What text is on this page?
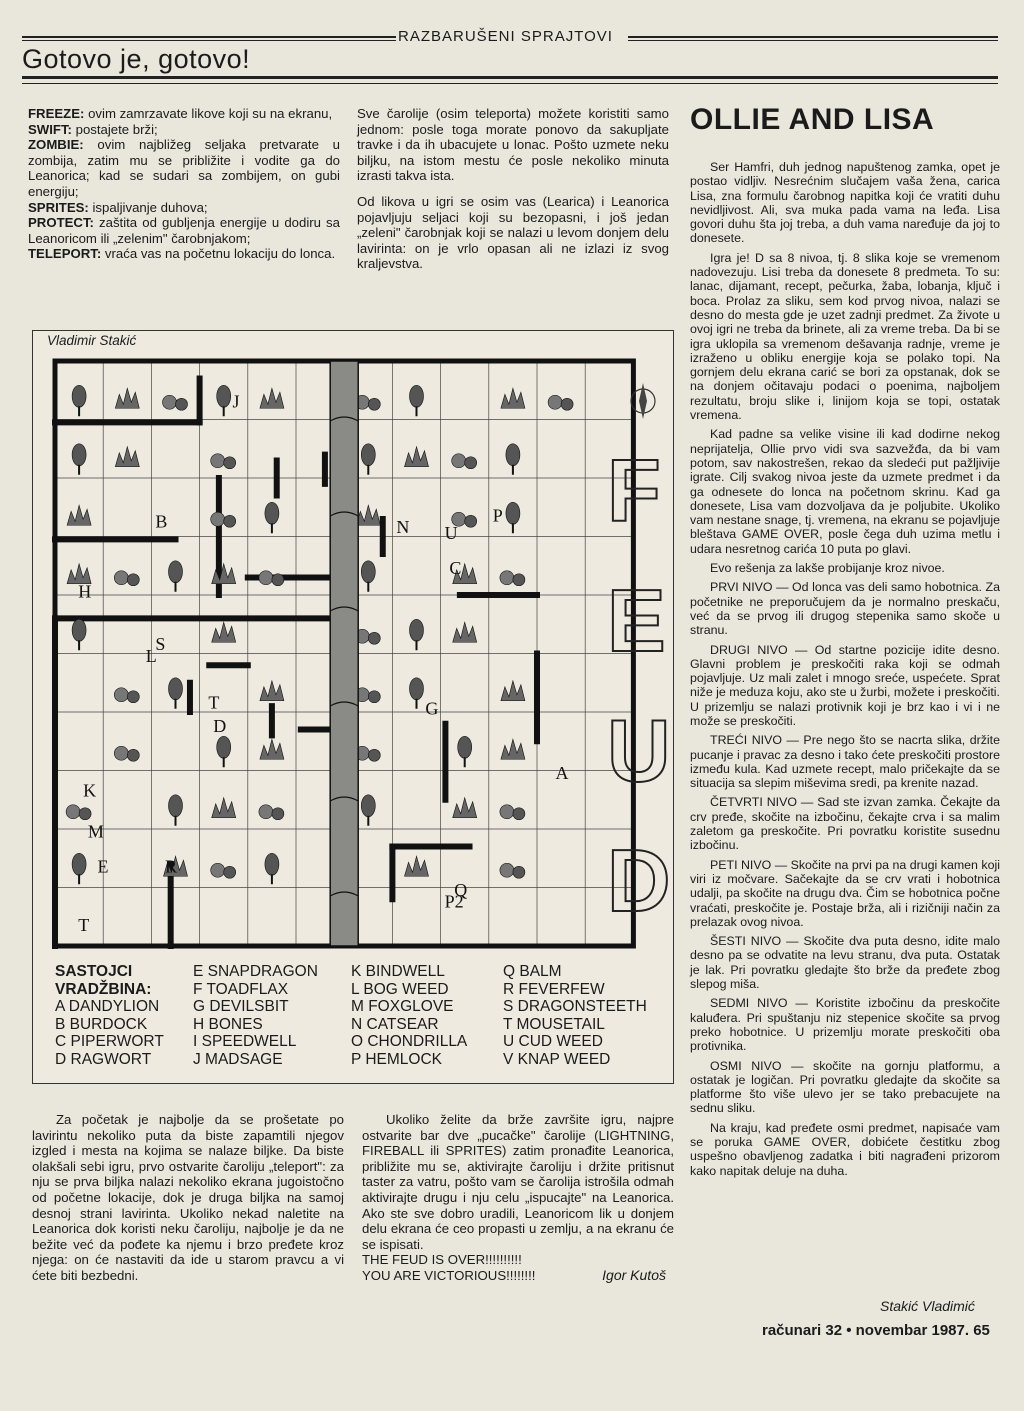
RAZBARUŠENI SPRAJTOVI
Gotovo je, gotovo!
FREEZE: ovim zamrzavate likove koji su na ekranu,
SWIFT: postajete brži;
ZOMBIE: ovim najbližeg seljaka pretvarate u zombija, zatim mu se približite i vodite ga do Leanorica; kad se sudari sa zombijem, on gubi energiju;
SPRITES: ispaljivanje duhova;
PROTECT: zaštita od gubljenja energije u dodiru sa Leanoricom ili „zelenim" čarobnjakom;
TELEPORT: vraća vas na početnu lokaciju do lonca.

Sve čarolije (osim teleporta) možete koristiti samo jednom: posle toga morate ponovo da sakupljate travke i da ih ubacujete u lonac. Pošto uzmete neku biljku, na istom mestu će posle nekoliko minuta izrasti takva ista.

Od likova u igri se osim vas (Learica) i Leanorica pojavljuju seljaci koji su bezopasni, i još jedan „zeleni" čarobnjak koji se nalazi u levom donjem delu lavirinta: on je vrlo opasan ali ne izlazi iz svog kraljevstva.

OLLIE AND LISA

Ser Hamfri, duh jednog napuštenog zamka, opet je postao vidljiv. Nesrećnim slučajem vaša žena, carica Lisa, zna formulu čarobnog napitka koji će vratiti duhu nevidljivost. Ali, sva muka pada vama na leđa. Lisa govori duhu šta joj treba, a duh vama naređuje da joj to donesete.

Igra je! D sa 8 nivoa, tj. 8 slika koje se vremenom nadovezuju. Lisi treba da donesete 8 predmeta. To su: lanac, dijamant, recept, pečurka, žaba, lobanja, ključ i boca. Prolaz za sliku, sem kod prvog nivoa, nalazi se desno do mesta gde je uzet zadnji predmet. Za živote u ovoj igri ne treba da brinete, ali za vreme treba. Da bi se igra uklopila sa vremenom dešavanja radnje, vreme je izraženo u obliku energije koja se polako topi. Na gornjem delu ekrana carić se bori za opstanak, dok se na donjem očitavaju podaci o poenima, najboljem rezultatu, broju slike i, linijom koja se topi, ostatak vremena.

Kad padne sa velike visine ili kad dodirne nekog neprijatelja, Ollie prvo vidi sva sazvežđa, da bi vam potom, sav nakostrešen, rekao da sledeći put pažljivije igrate. Cilj svakog nivoa jeste da uzmete predmet i da ga odnesete do lonca na početnom skrinu. Kad ga donesete, Lisa vam dozvoljava da je poljubite. Ukoliko vam nestane snage, tj. vremena, na ekranu se pojavljuje bleštava GAME OVER, posle čega duh uzima metlu i udara nesretnog carića 10 puta po glavi.

Evo rešenja za lakše probijanje kroz nivoe.

PRVI NIVO — Od lonca vas deli samo hobotnica. Za početnike ne preporučujem da je normalno preskaču, već da se prvog ili drugog stepenika samo skoče u stranu.

DRUGI NIVO — Od startne pozicije idite desno. Glavni problem je preskočiti raka koji se odmah pojavljuje. Uz mali zalet i mnogo sreće, uspećete. Sprat niže je meduza koju, ako ste u žurbi, možete i preskočiti. U prizemlju se nalazi protivnik koji je brz kao i vi i ne može se preskočiti.

TREĆI NIVO — Pre nego što se nacrta slika, držite pucanje i pravac za desno i tako ćete preskočiti prostore između kula. Kad uzmete recept, malo pričekajte da se situacija sa slepim miševima sredi, pa krenite nazad.

ČETVRTI NIVO — Sad ste izvan zamka. Čekajte da crv pređe, skočite na izbočinu, čekajte crva i sa malim zaletom ga preskočite. Pri povratku koristite susednu izbočinu.

PETI NIVO — Skočite na prvi pa na drugi kamen koji viri iz močvare. Sačekajte da se crv vrati i hobotnica udalji, pa skočite na drugu dva. Čim se hobotnica počne vraćati, preskočite je. Postaje brža, ali i rizičniji način za prelazak ovog nivoa.

ŠESTI NIVO — Skočite dva puta desno, idite malo desno pa se odvatite na levu stranu, dva puta. Ostatak je lak. Pri povratku gledajte što brže da pređete zbog slepog miša.

SEDMI NIVO — Koristite izbočinu da preskočite kaluđera. Pri spuštanju niz stepenice skočite sa prvog preko hobotnice. U prizemlju morate preskočiti oba protivnika.

OSMI NIVO — skočite na gornju platformu, a ostatak je logičan. Pri povratku gledajte da skočite sa platforme što više ulevo jer se tako prebacujete na sednu sliku.

Na kraju, kad pređete osmi predmet, napisaće vam se poruka GAME OVER, dobićete čestitku zbog uspešno obavljenog zadatka i biti nagrađeni prizorom kako napitak deluje na duha.

Vladimir Stakić
F
E
U
D
J
B	N U
P
C
H
S
L
T
D
G
A
K
M
E	R
Q
P2
T
SASTOJCI
VRADŽBINA:
A DANDYLION
B BURDOCK
C PIPERWORT
D RAGWORT
E SNAPDRAGON
F TOADFLAX
G DEVILSBIT
H BONES
I SPEEDWELL
J MADSAGE
K BINDWELL
L BOG WEED
M FOXGLOVE
N CATSEAR
O CHONDRILLA
P HEMLOCK
Q BALM
R FEVERFEW
S DRAGONSTEETH
T MOUSETAIL
U CUD WEED
V KNAP WEED
Za početak je najbolje da se prošetate po lavirintu nekoliko puta da biste zapamtili njegov izgled i mesta na kojima se nalaze biljke. Da biste olakšali sebi igru, prvo ostvarite čaroliju „teleport": za nju se prva biljka nalazi nekoliko ekrana jugoistočno od početne lokacije, dok je druga biljka na samoj desnoj strani lavirinta. Ukoliko nekad naletite na Leanorica dok koristi neku čaroliju, najbolje je da ne bežite već da pođete ka njemu i brzo pređete kroz njega: on će nastaviti da ide u starom pravcu a vi ćete biti bezbedni.

Ukoliko želite da brže završite igru, najpre ostvarite bar dve „pucačke" čarolije (LIGHTNING, FIREBALL ili SPRITES) zatim pronađite Leanorica, približite mu se, aktivirajte čaroliju i držite pritisnut taster za vatru, pošto vam se čarolija istrošila odmah aktivirajte drugu i nju celu „ispucajte" na Leanorica. Ako ste sve dobro uradili, Leanoricom lik u donjem delu ekrana će ceo propasti u zemlju, a na ekranu će se ispisati.

THE FEUD IS OVER!!!!!!!!!!
YOU ARE VICTORIOUS!!!!!!!!	Igor Kutoš
Stakić Vladimić
računari 32 • novembar 1987. 65
